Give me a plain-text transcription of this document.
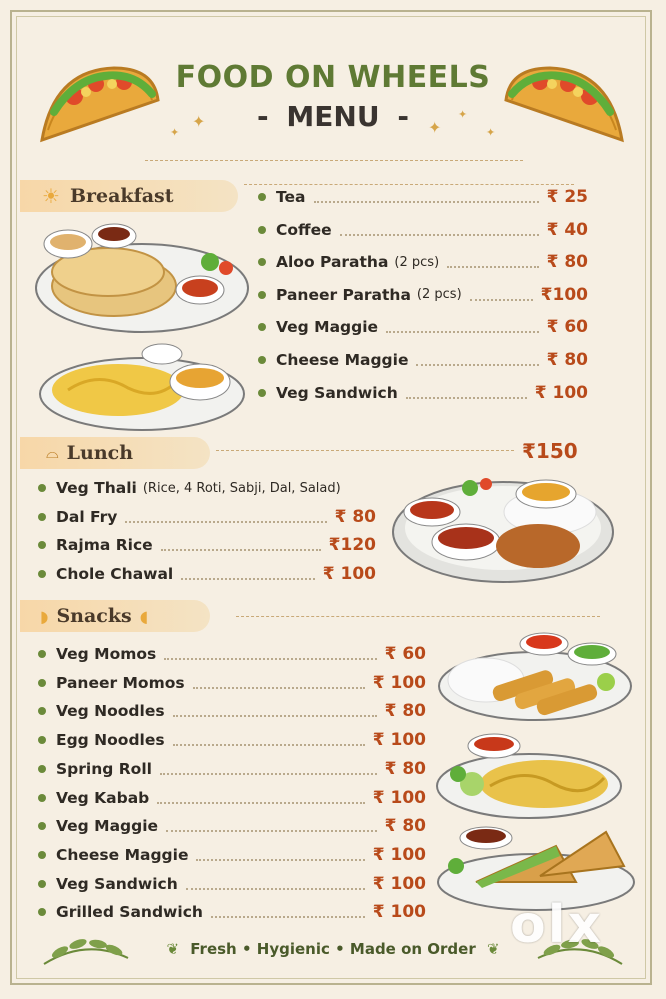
FOOD ON WHEELS
- MENU -
✦
✦	✦
✦
✦
☀ Breakfast	Tea	₹ 25
Coffee	₹ 40
Aloo Paratha (2 pcs)	₹ 80
Paneer Paratha (2 pcs)	₹100
Veg Maggie	₹ 60
Cheese Maggie	₹ 80
Veg Sandwich	₹ 100
⌓ Lunch	₹150
Veg Thali (Rice, 4 Roti, Sabji, Dal, Salad)
Dal Fry	₹ 80
Rajma Rice	₹120
Chole Chawal	₹ 100
◗ Snacks ◖
Veg Momos	₹ 60
Paneer Momos	₹ 100
Veg Noodles	₹ 80
Egg Noodles	₹ 100
Spring Roll	₹ 80
Veg Kabab	₹ 100
Veg Maggie	₹ 80
Cheese Maggie	₹ 100
Veg Sandwich	₹ 100
Grilled Sandwich	₹ 100
❦ Fresh • Hygienic • Made on Order ❦ olx
